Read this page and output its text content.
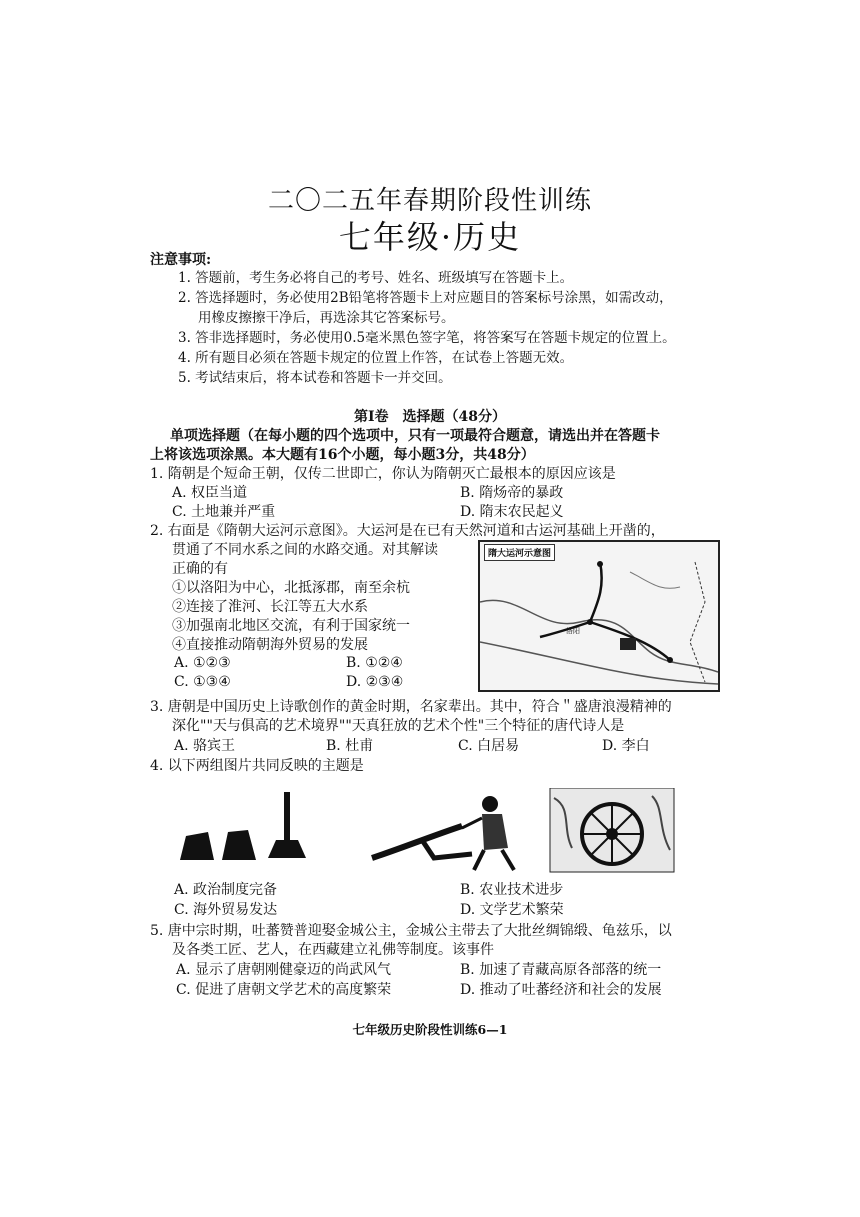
二〇二五年春期阶段性训练
七年级·历史
注意事项:
1. 答题前，考生务必将自己的考号、姓名、班级填写在答题卡上。
2. 答选择题时，务必使用2B铅笔将答题卡上对应题目的答案标号涂黑，如需改动，
用橡皮擦擦干净后，再选涂其它答案标号。
3. 答非选择题时，务必使用0.5毫米黑色签字笔，将答案写在答题卡规定的位置上。
4. 所有题目必须在答题卡规定的位置上作答，在试卷上答题无效。
5. 考试结束后，将本试卷和答题卡一并交回。
第Ⅰ卷　选择题（48分）
单项选择题（在每小题的四个选项中，只有一项最符合题意，请选出并在答题卡
上将该选项涂黑。本大题有16个小题，每小题3分，共48分）
1. 隋朝是个短命王朝，仅传二世即亡，你认为隋朝灭亡最根本的原因应该是
A. 权臣当道	B. 隋炀帝的暴政
C. 土地兼并严重	D. 隋末农民起义
2. 右面是《隋朝大运河示意图》。大运河是在已有天然河道和古运河基础上开凿的，
贯通了不同水系之间的水路交通。对其解读
正确的有
①以洛阳为中心，北抵涿郡，南至余杭
②连接了淮河、长江等五大水系
③加强南北地区交流，有利于国家统一
④直接推动隋朝海外贸易的发展
A. ①②③	B. ①②④
C. ①③④	D. ②③④
隋大运河示意图
洛阳
3. 唐朝是中国历史上诗歌创作的黄金时期，名家辈出。其中，符合＂盛唐浪漫精神的
深化""天与俱高的艺术境界""天真狂放的艺术个性"三个特征的唐代诗人是
A. 骆宾王	B. 杜甫	C. 白居易	D. 李白
4. 以下两组图片共同反映的主题是
A. 政治制度完备	B. 农业技术进步
C. 海外贸易发达	D. 文学艺术繁荣
5. 唐中宗时期，吐蕃赞普迎娶金城公主，金城公主带去了大批丝绸锦缎、龟兹乐，以
及各类工匠、艺人，在西藏建立礼佛等制度。该事件
A. 显示了唐朝刚健豪迈的尚武风气	B. 加速了青藏高原各部落的统一
C. 促进了唐朝文学艺术的高度繁荣	D. 推动了吐蕃经济和社会的发展
七年级历史阶段性训练6—1
